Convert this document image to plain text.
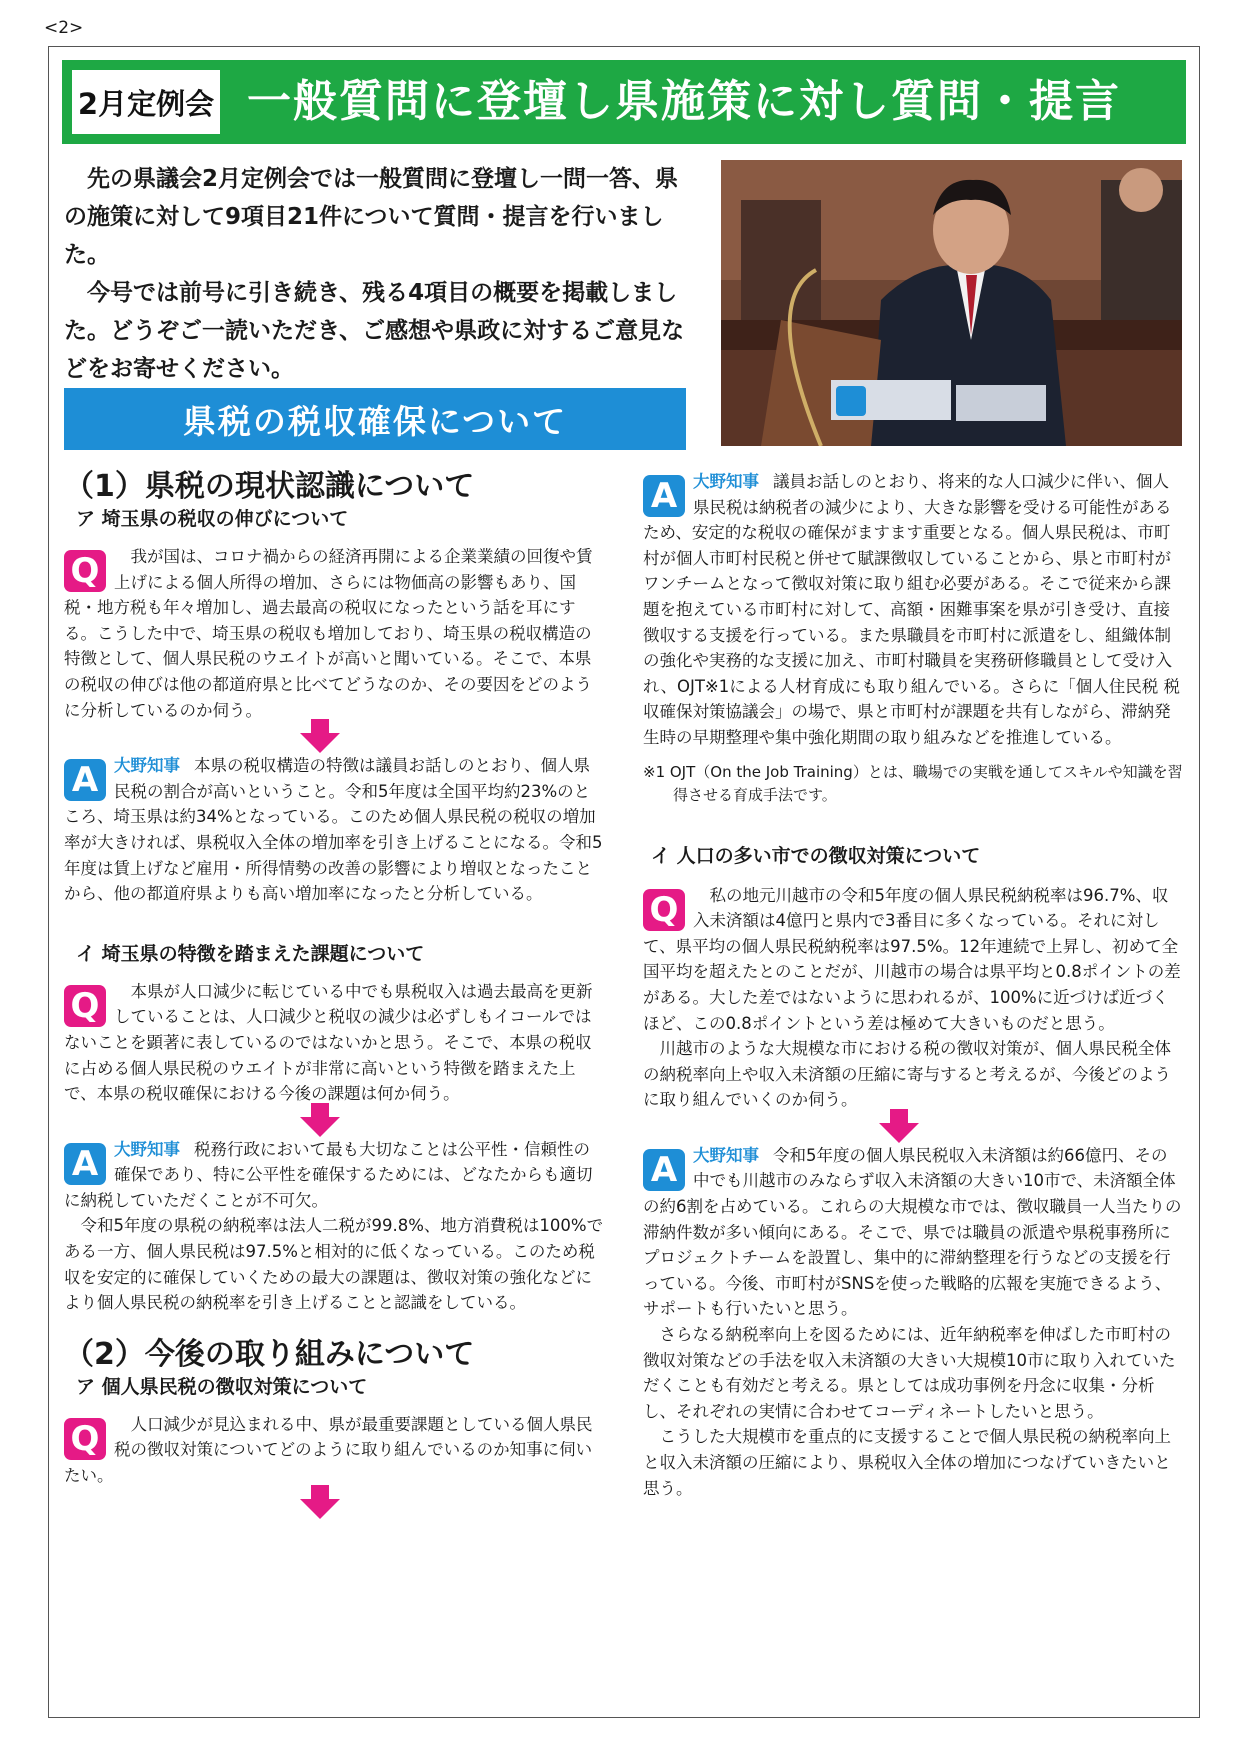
<2>
2月定例会 一般質問に登壇し県施策に対し質問・提言

先の県議会2月定例会では一般質問に登壇し一問一答、県の施策に対して9項目21件について質問・提言を行いました。

今号では前号に引き続き、残る4項目の概要を掲載しました。どうぞご一読いただき、ご感想や県政に対するご意見などをお寄せください。

県税の税収確保について

（1）県税の現状認識について

ア 埼玉県の税収の伸びについて

Q	我が国は、コロナ禍からの経済再開による企業業績の回復や賃上げによる個人所得の増加、さらには物価高の影響もあり、国税・地方税も年々増加し、過去最高の税収になったという話を耳にする。こうした中で、埼玉県の税収も増加しており、埼玉県の税収構造の特徴として、個人県民税のウエイトが高いと聞いている。そこで、本県の税収の伸びは他の都道府県と比べてどうなのか、その要因をどのように分析しているのか伺う。

A 大野知事 本県の税収構造の特徴は議員お話しのとおり、個人県民税の割合が高いということ。令和5年度は全国平均約23%のところ、埼玉県は約34%となっている。このため個人県民税の税収の増加率が大きければ、県税収入全体の増加率を引き上げることになる。令和5年度は賃上げなど雇用・所得情勢の改善の影響により増収となったことから、他の都道府県よりも高い増加率になったと分析している。

イ 埼玉県の特徴を踏まえた課題について

Q	本県が人口減少に転じている中でも県税収入は過去最高を更新していることは、人口減少と税収の減少は必ずしもイコールではないことを顕著に表しているのではないかと思う。そこで、本県の税収に占める個人県民税のウエイトが非常に高いという特徴を踏まえた上で、本県の税収確保における今後の課題は何か伺う。

A 大野知事 税務行政において最も大切なことは公平性・信頼性の確保であり、特に公平性を確保するためには、どなたからも適切に納税していただくことが不可欠。

令和5年度の県税の納税率は法人二税が99.8%、地方消費税は100%である一方、個人県民税は97.5%と相対的に低くなっている。このため税収を安定的に確保していくための最大の課題は、徴収対策の強化などにより個人県民税の納税率を引き上げることと認識をしている。

（2）今後の取り組みについて

ア 個人県民税の徴収対策について

Q	人口減少が見込まれる中、県が最重要課題としている個人県民税の徴収対策についてどのように取り組んでいるのか知事に伺いたい。

A 大野知事 議員お話しのとおり、将来的な人口減少に伴い、個人県民税は納税者の減少により、大きな影響を受ける可能性があるため、安定的な税収の確保がますます重要となる。個人県民税は、市町村が個人市町村民税と併せて賦課徴収していることから、県と市町村がワンチームとなって徴収対策に取り組む必要がある。そこで従来から課題を抱えている市町村に対して、高額・困難事案を県が引き受け、直接徴収する支援を行っている。また県職員を市町村に派遣をし、組織体制の強化や実務的な支援に加え、市町村職員を実務研修職員として受け入れ、OJT※1による人材育成にも取り組んでいる。さらに「個人住民税 税収確保対策協議会」の場で、県と市町村が課題を共有しながら、滞納発生時の早期整理や集中強化期間の取り組みなどを推進している。

※1 OJT（On the Job Training）とは、職場での実戦を通してスキルや知識を習得させる育成手法です。

イ 人口の多い市での徴収対策について

Q	私の地元川越市の令和5年度の個人県民税納税率は96.7%、収入未済額は4億円と県内で3番目に多くなっている。それに対して、県平均の個人県民税納税率は97.5%。12年連続で上昇し、初めて全国平均を超えたとのことだが、川越市の場合は県平均と0.8ポイントの差がある。大した差ではないように思われるが、100%に近づけば近づくほど、この0.8ポイントという差は極めて大きいものだと思う。

川越市のような大規模な市における税の徴収対策が、個人県民税全体の納税率向上や収入未済額の圧縮に寄与すると考えるが、今後どのように取り組んでいくのか伺う。

A 大野知事 令和5年度の個人県民税収入未済額は約66億円、その中でも川越市のみならず収入未済額の大きい10市で、未済額全体の約6割を占めている。これらの大規模な市では、徴収職員一人当たりの滞納件数が多い傾向にある。そこで、県では職員の派遣や県税事務所にプロジェクトチームを設置し、集中的に滞納整理を行うなどの支援を行っている。今後、市町村がSNSを使った戦略的広報を実施できるよう、サポートも行いたいと思う。

さらなる納税率向上を図るためには、近年納税率を伸ばした市町村の徴収対策などの手法を収入未済額の大きい大規模10市に取り入れていただくことも有効だと考える。県としては成功事例を丹念に収集・分析し、それぞれの実情に合わせてコーディネートしたいと思う。

こうした大規模市を重点的に支援することで個人県民税の納税率向上と収入未済額の圧縮により、県税収入全体の増加につなげていきたいと思う。
